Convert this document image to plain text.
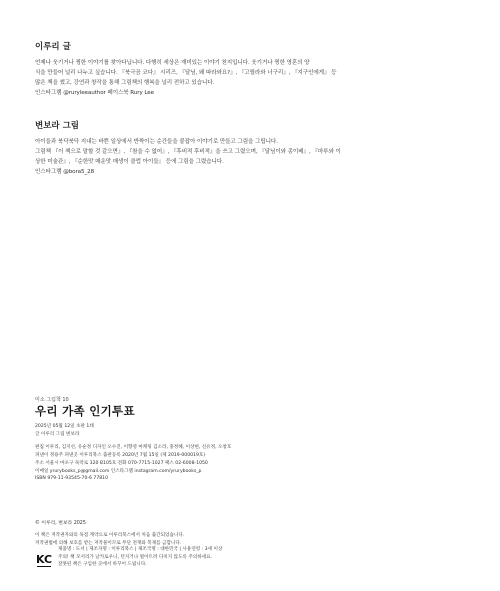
이루리 글

언제나 웃기거나 찡한 이야기를 찾아다닙니다. 다행히 세상은 재미있는 이야기 천지입니다. 웃기거나 찡한 영혼의 양

식을 만들어 널리 나누고 싶습니다. 『북극곰 코다』 시리즈, 『달님, 왜 따라와요?』, 『고릴라와 너구리』, 『지구인에게』 등

많은 책을 썼고, 강연과 창작을 통해 그림책의 행복을 널리 전하고 있습니다.

인스타그램 @ruryleeauthor 페이스북 Rury Lee

변보라 그림

아이들과 북닥북닥 지내는 바쁜 일상에서 반짝이는 순간들을 붙잡아 이야기로 만들고 그림을 그립니다.

그림책 『이 책으로 말할 것 같으면』, 『참을 수 없어』, 『후비적 후비적』을 쓰고 그렸으며, 『달님이와 종이배』, 『마루와 이

상한 미술관』, 『순한맛 매운맛 매생이 클럽 아이들』 등에 그림을 그렸습니다.

인스타그램 @bora5_28

미소 그림책 10
우리 가족 인기투표
2025년 05월 12일 초판 1쇄
글 이루리 그림 변보라
편집 이루리, 김지선, 유순정 디자인 오수진, 이향영 마케팅 김소라, 홍정혜, 이상현, 신유정, 오창호
펴낸이 정용주 펴낸곳 이루리북스 출판등록 2020년 7월 15일 (제 2019-000019호)
주소 서울시 마포구 독막로 320 B105호 전화 070-7715-1027 팩스 02-6008-1050
이메일 yrurybooks_p@gmail.com 인스타그램 instagram.com/yrurybooks_p
ISBN 979-11-93545-70-6 77810
© 이루리, 변보라 2025
이 책은 저작권자와의 독점 계약으로 이루리북스에서 처음 출간되었습니다.
저작권법에 의해 보호를 받는 저작물이므로 무단 전재와 복제를 금합니다.
KC
제품명 : 도서 | 제조자명 : 이루리북스 | 제조국명 : 대한민국 | 사용연령 : 3세 이상
주의! 책 모서리가 날카로우니, 던지거나 떨어트려 다치지 않도록 주의하세요.
잘못된 책은 구입한 곳에서 바꾸어 드립니다.
